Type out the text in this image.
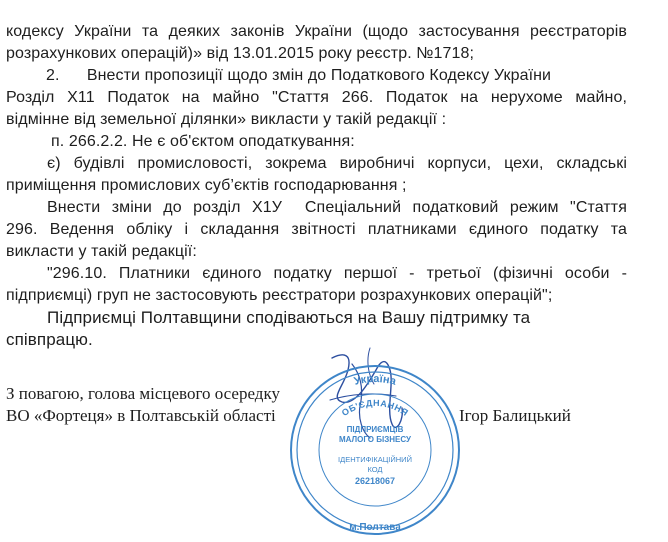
кодексу України та деяких законів України (щодо застосування реєстраторів
розрахункових операцій)» від 13.01.2015 року реєстр. №1718;
2.      Внести пропозиції щодо змін до Податкового Кодексу України
Розділ Х11 Податок на майно "Стаття 266. Податок на нерухоме майно,
відмінне від земельної ділянки» викласти у такій редакції :
п. 266.2.2. Не є об'єктом оподаткування:
є) будівлі промисловості, зокрема виробничі корпуси, цехи, складські
приміщення промислових суб’єктів господарювання ;
Внести зміни до розділ Х1У  Спеціальний податковий режим "Стаття
296. Ведення обліку і складання звітності платниками єдиного податку та
викласти у такій редакції:
"296.10. Платники єдиного податку першої - третьої (фізичні особи -
підприємці) груп не застосовують реєстратори розрахункових операцій";
Підприємці Полтавщини сподіваються на Вашу підтримку та
співпрацю.
З повагою, голова місцевого осередку
ВО «Фортеця» в Полтавській області	Ігор Балицький
Україна
ОБ'ЄДНАННЯ
ПІДПРИЄМЦІВ
МАЛОГО БІЗНЕСУ
ІДЕНТИФІКАЦІЙНИЙ
КОД
26218067
м.Полтава
